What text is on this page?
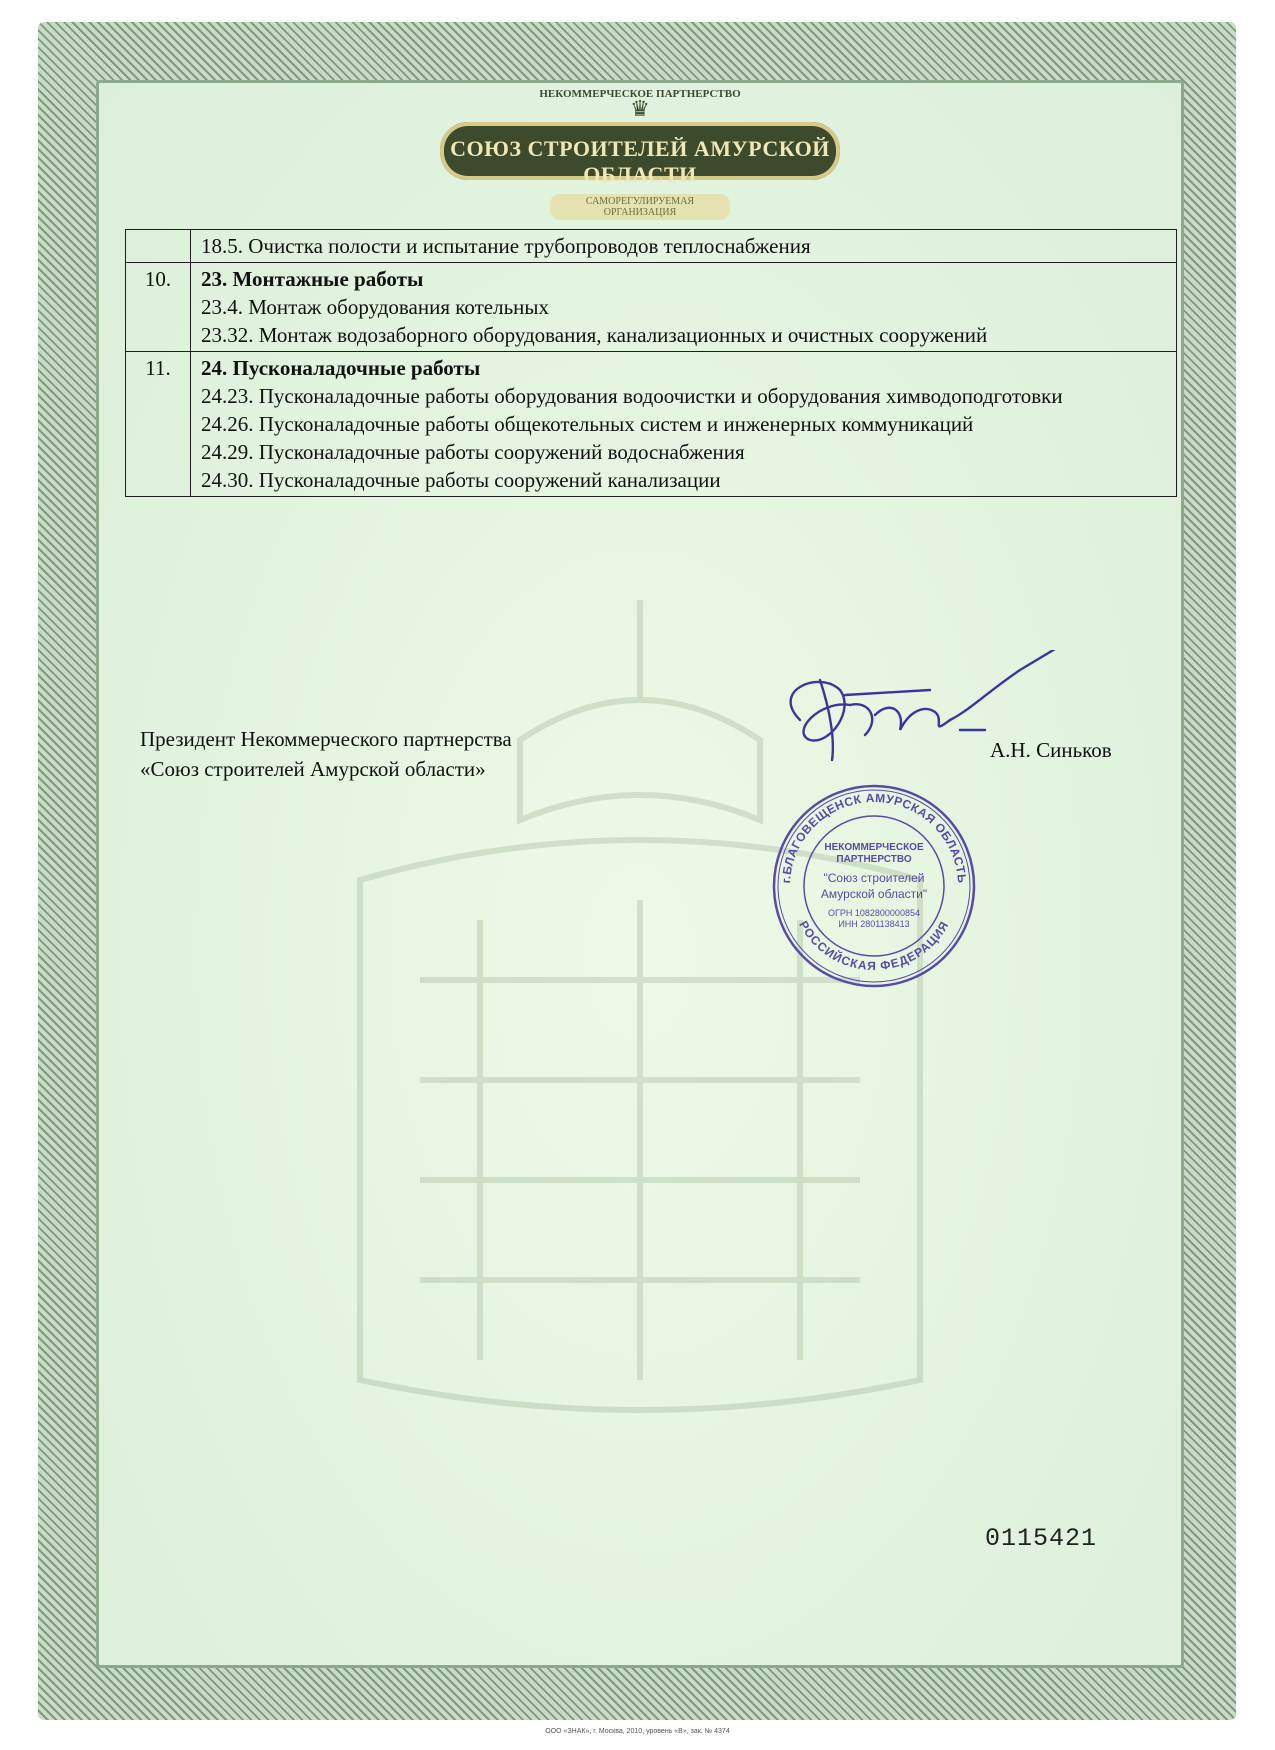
НЕКОММЕРЧЕСКОЕ ПАРТНЕРСТВО
♛
СОЮЗ СТРОИТЕЛЕЙ АМУРСКОЙ ОБЛАСТИ
САМОРЕГУЛИРУЕМАЯ ОРГАНИЗАЦИЯ

	18.5. Очистка полости и испытание трубопроводов теплоснабжения

10.	23. Монтажные работы
23.4. Монтаж оборудования котельных
23.32. Монтаж водозаборного оборудования, канализационных и очистных сооружений

11.	24. Пусконаладочные работы
24.23. Пусконаладочные работы оборудования водоочистки и оборудования химводоподготовки
24.26. Пусконаладочные работы общекотельных систем и инженерных коммуникаций
24.29. Пусконаладочные работы сооружений водоснабжения
24.30. Пусконаладочные работы сооружений канализации
Президент Некоммерческого партнерства
«Союз строителей Амурской области»
А.Н. Синьков
г.БЛАГОВЕЩЕНСК АМУРСКАЯ ОБЛАСТЬ
РОССИЙСКАЯ ФЕДЕРАЦИЯ
НЕКОММЕРЧЕСКОЕ
ПАРТНЕРСТВО
"Союз строителей
Амурской области"
ОГРН 1082800000854
ИНН 2801138413
0115421
ООО «ЗНАК», г. Москва, 2010, уровень «В», зак. № 4374
